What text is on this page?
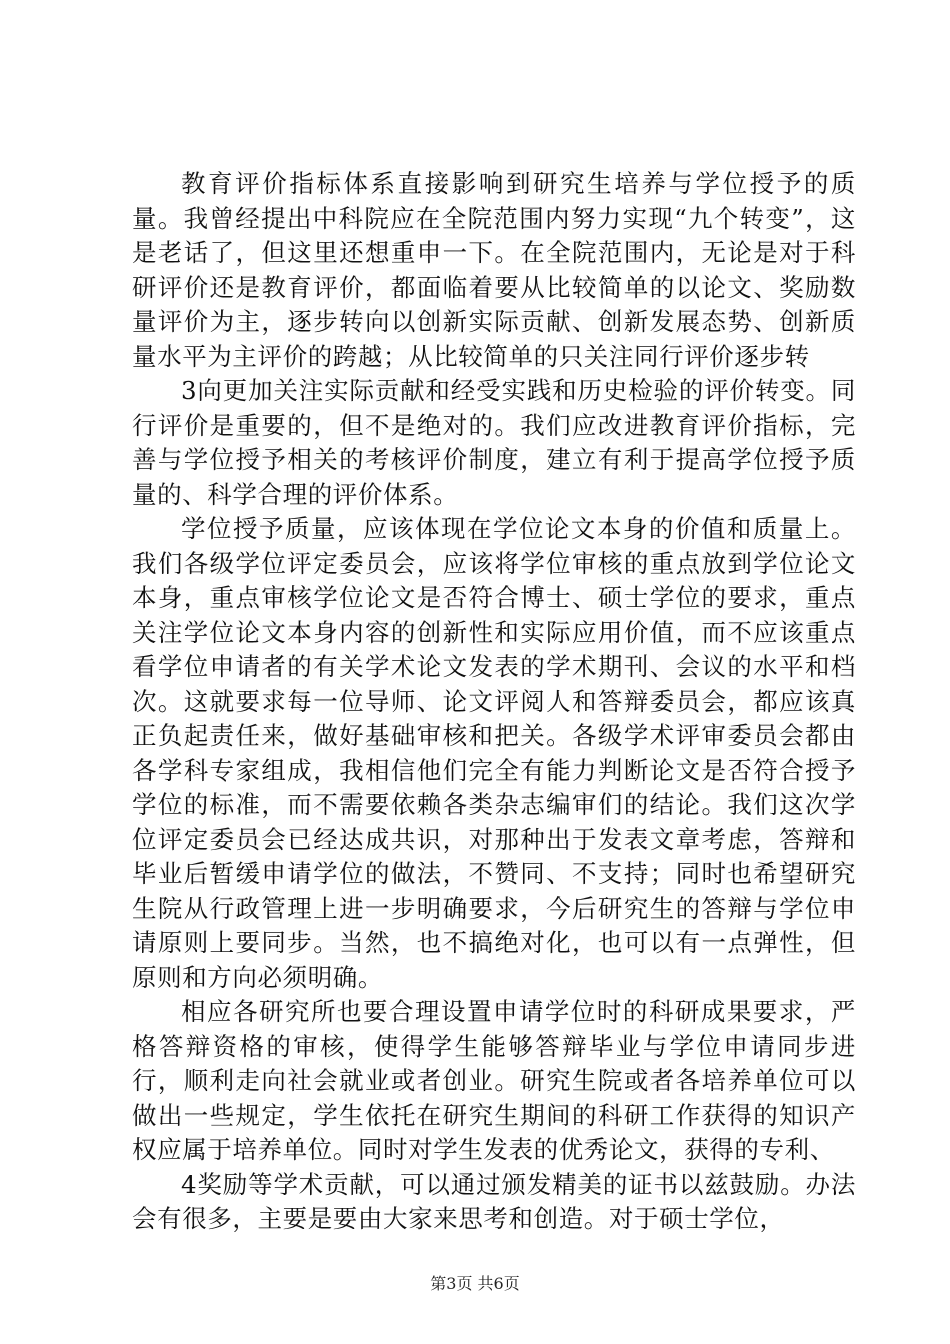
教育评价指标体系直接影响到研究生培养与学位授予的质量。我曾经提出中科院应在全院范围内努力实现“九个转变”，这是老话了，但这里还想重申一下。在全院范围内，无论是对于科研评价还是教育评价，都面临着要从比较简单的以论文、奖励数量评价为主，逐步转向以创新实际贡献、创新发展态势、创新质量水平为主评价的跨越；从比较简单的只关注同行评价逐步转

3向更加关注实际贡献和经受实践和历史检验的评价转变。同行评价是重要的，但不是绝对的。我们应改进教育评价指标，完善与学位授予相关的考核评价制度，建立有利于提高学位授予质量的、科学合理的评价体系。

学位授予质量，应该体现在学位论文本身的价值和质量上。我们各级学位评定委员会，应该将学位审核的重点放到学位论文本身，重点审核学位论文是否符合博士、硕士学位的要求，重点关注学位论文本身内容的创新性和实际应用价值，而不应该重点看学位申请者的有关学术论文发表的学术期刊、会议的水平和档次。这就要求每一位导师、论文评阅人和答辩委员会，都应该真正负起责任来，做好基础审核和把关。各级学术评审委员会都由各学科专家组成，我相信他们完全有能力判断论文是否符合授予学位的标准，而不需要依赖各类杂志编审们的结论。我们这次学位评定委员会已经达成共识，对那种出于发表文章考虑，答辩和毕业后暂缓申请学位的做法，不赞同、不支持；同时也希望研究生院从行政管理上进一步明确要求，今后研究生的答辩与学位申请原则上要同步。当然，也不搞绝对化，也可以有一点弹性，但原则和方向必须明确。

相应各研究所也要合理设置申请学位时的科研成果要求，严格答辩资格的审核，使得学生能够答辩毕业与学位申请同步进行，顺利走向社会就业或者创业。研究生院或者各培养单位可以做出一些规定，学生依托在研究生期间的科研工作获得的知识产权应属于培养单位。同时对学生发表的优秀论文，获得的专利、

4奖励等学术贡献，可以通过颁发精美的证书以兹鼓励。办法会有很多，主要是要由大家来思考和创造。对于硕士学位，

第3页 共6页
